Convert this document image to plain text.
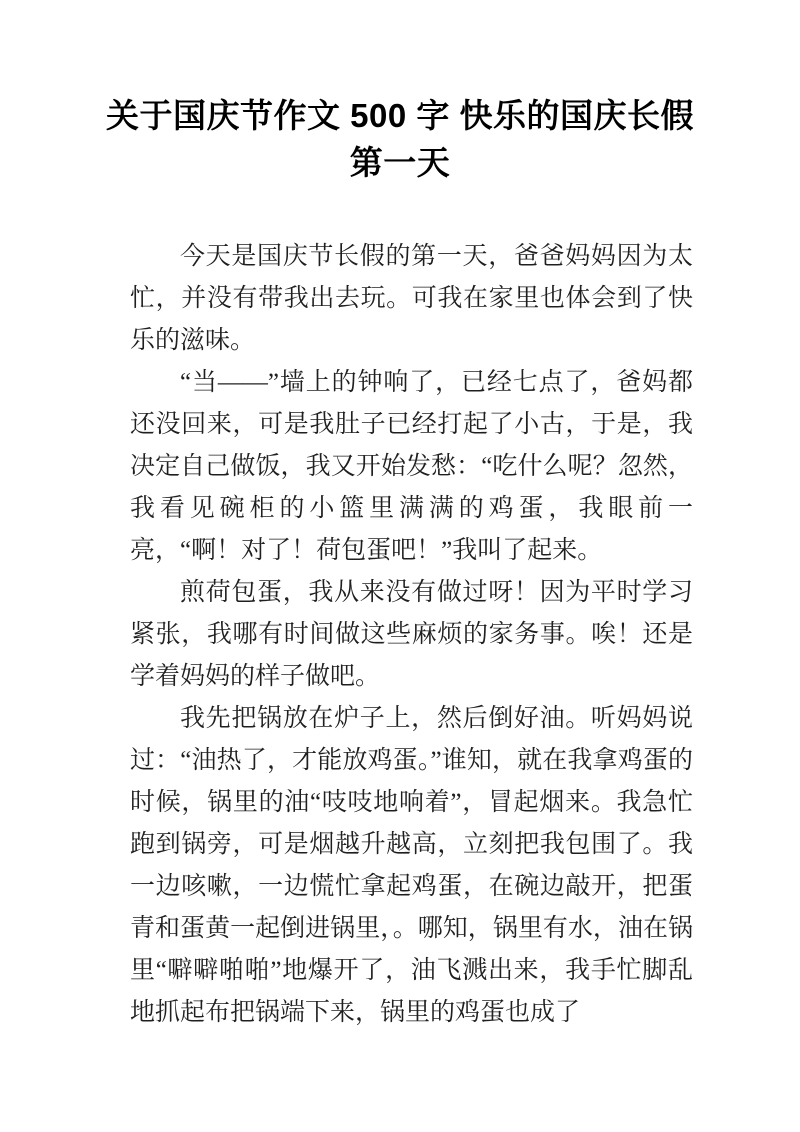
关于国庆节作文 500 字 快乐的国庆长假第一天

今天是国庆节长假的第一天，爸爸妈妈因为太忙，并没有带我出去玩。可我在家里也体会到了快乐的滋味。

“当——”墙上的钟响了，已经七点了，爸妈都还没回来，可是我肚子已经打起了小古，于是，我决定自己做饭，我又开始发愁：“吃什么呢？忽然，我看见碗柜的小篮里满满的鸡蛋，我眼前一亮，“啊！对了！荷包蛋吧！”我叫了起来。

煎荷包蛋，我从来没有做过呀！因为平时学习紧张，我哪有时间做这些麻烦的家务事。唉！还是学着妈妈的样子做吧。

我先把锅放在炉子上，然后倒好油。听妈妈说过：“油热了，才能放鸡蛋。”谁知，就在我拿鸡蛋的时候，锅里的油“吱吱地响着”，冒起烟来。我急忙跑到锅旁，可是烟越升越高，立刻把我包围了。我一边咳嗽，一边慌忙拿起鸡蛋，在碗边敲开，把蛋青和蛋黄一起倒进锅里，。哪知，锅里有水，油在锅里“噼噼啪啪”地爆开了，油飞溅出来，我手忙脚乱地抓起布把锅端下来，锅里的鸡蛋也成了
